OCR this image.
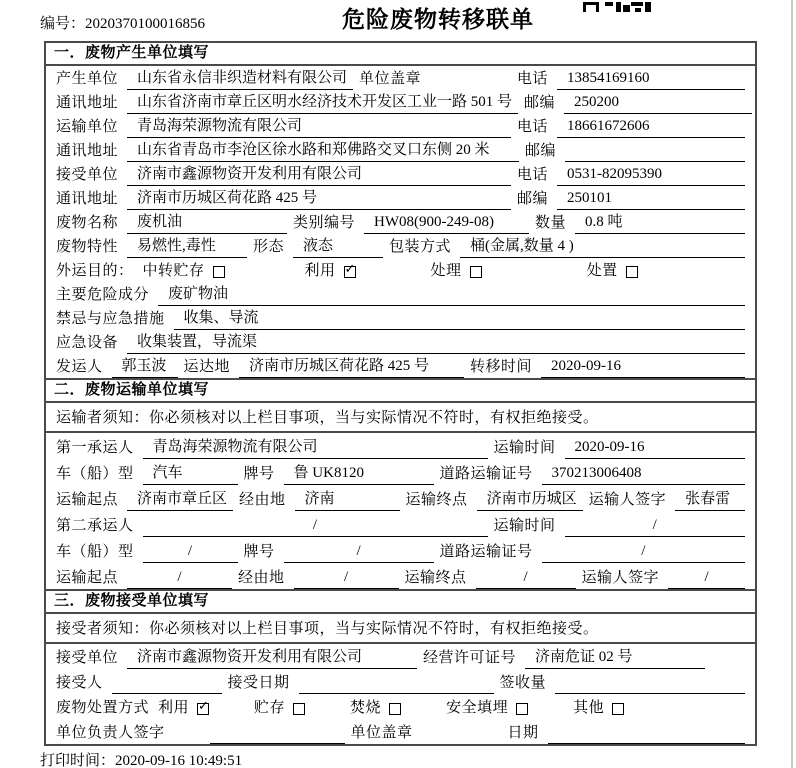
编号：2020370100016856	危险废物转移联单
一．废物产生单位填写
产生单位	山东省永信非织造材料有限公司 单位盖章	电话	13854169160
通讯地址	山东省济南市章丘区明水经济技术开发区工业一路 501 号 邮编	250200
运输单位	青岛海荣源物流有限公司	电话	18661672606
通讯地址	山东省青岛市李沧区徐水路和郑佛路交叉口东侧 20 米	邮编
接受单位	济南市鑫源物资开发利用有限公司	电话	0531-82095390
通讯地址	济南市历城区荷花路 425 号	邮编	250101
废物名称	废机油	类别编号	HW08(900-249-08)	数量	0.8 吨
废物特性	易燃性,毒性	形态	液态	包装方式	桶(金属,数量 4 )
外运目的： 中转贮存	利用 ✓	处理	处置
主要危险成分	废矿物油
禁忌与应急措施	收集、导流
应急设备	收集装置，导流渠
发运人	郭玉波	运达地	济南市历城区荷花路 425 号	转移时间	2020-09-16
二．废物运输单位填写
运输者须知：你必须核对以上栏目事项，当与实际情况不符时，有权拒绝接受。
第一承运人	青岛海荣源物流有限公司	运输时间	2020-09-16
车（船）型	汽车	牌号	鲁 UK8120	道路运输证号	370213006408
运输起点	济南市章丘区 经由地	济南	运输终点	济南市历城区 运输人签字	张春雷
第二承运人	/	运输时间	/
车（船）型	/	牌号	/	道路运输证号	/
运输起点	/	经由地	/	运输终点	/	运输人签字	/
三．废物接受单位填写
接受者须知：你必须核对以上栏目事项，当与实际情况不符时，有权拒绝接受。
接受单位	济南市鑫源物资开发利用有限公司	经营许可证号	济南危证 02 号
接受人	接受日期	签收量
废物处置方式 利用 ✓	贮存	焚烧	安全填埋	其他
单位负责人签字	单位盖章	日期
打印时间：2020-09-16 10:49:51
